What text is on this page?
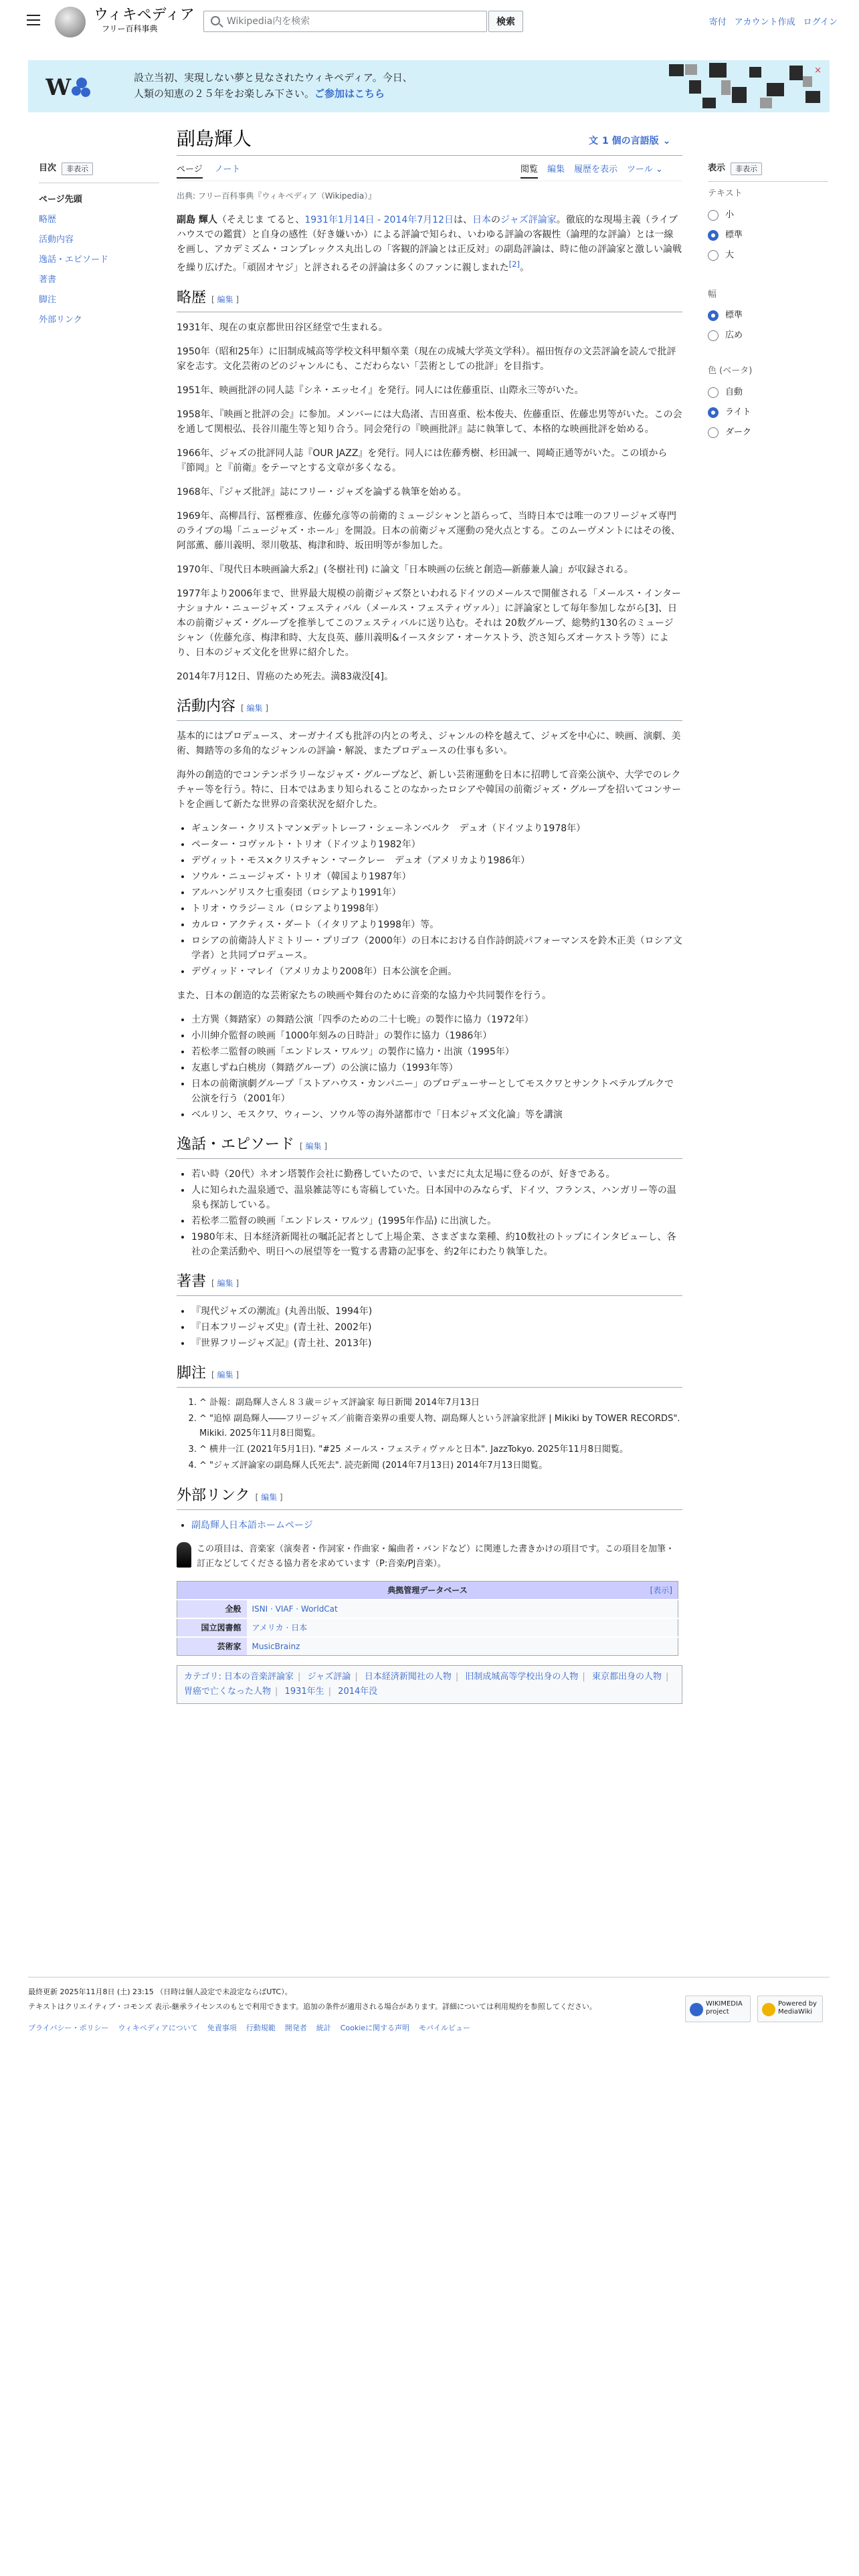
ウィキペディア
フリー百科事典
Wikipedia内を検索
検索	寄付 アカウント作成 ログイン
W	設立当初、実現しない夢と見なされたウィキペディア。今日、
人類の知恵の２５年をお楽しみ下さい。ご参加はこちら
×
副島輝人	文 1 個の言語版 ⌄
ページ ノート	閲覧 編集 履歴を表示 ツール ⌄
目次	非表示
ページ先頭
略歴
活動内容
逸話・エピソード
著書
脚注
外部リンク
表示	非表示
テキスト
小
標準
大
幅
標準
広め
色 (ベータ)
自動
ライト
ダーク
出典: フリー百科事典『ウィキペディア（Wikipedia）』

副島 輝人（そえじま てると、1931年1月14日 - 2014年7月12日は、日本のジャズ評論家。徹底的な現場主義（ライブハウスでの鑑賞）と自身の感性（好き嫌いか）による評論で知られ、いわゆる評論の客観性（論理的な評論）とは一線を画し、アカデミズム・コンプレックス丸出しの「客観的評論とは正反対」の副島評論は、時に他の評論家と激しい論戦を繰り広げた。「頑固オヤジ」と評されるその評論は多くのファンに親しまれた[2]。

略歴 [ 編集 ]

1931年、現在の東京都世田谷区経堂で生まれる。

1950年（昭和25年）に旧制成城高等学校文科甲類卒業（現在の成城大学英文学科）。福田恆存の文芸評論を読んで批評家を志す。文化芸術のどのジャンルにも、こだわらない「芸術としての批評」を目指す。

1951年、映画批評の同人誌『シネ・エッセイ』を発行。同人には佐藤重臣、山際永三等がいた。

1958年、『映画と批評の会』に参加。メンバーには大島渚、吉田喜重、松本俊夫、佐藤重臣、佐藤忠男等がいた。この会を通して関根弘、長谷川龍生等と知り合う。同会発行の『映画批評』誌に執筆して、本格的な映画批評を始める。

1966年、ジャズの批評同人誌『OUR JAZZ』を発行。同人には佐藤秀樹、杉田誠一、岡崎正通等がいた。この頃から『節岡』と『前衛』をテーマとする文章が多くなる。

1968年、『ジャズ批評』誌にフリー・ジャズを論ずる執筆を始める。

1969年、高柳昌行、冨樫雅彦、佐藤允彦等の前衛的ミュージシャンと語らって、当時日本では唯一のフリージャズ専門のライブの場「ニュージャズ・ホール」を開設。日本の前衛ジャズ運動の発火点とする。このムーヴメントにはその後、阿部薫、藤川義明、翠川敬基、梅津和時、坂田明等が参加した。

1970年、『現代日本映画論大系2』(冬樹社刊) に論文「日本映画の伝統と創造―新藤兼人論」が収録される。

1977年より2006年まで、世界最大規模の前衛ジャズ祭といわれるドイツのメールスで開催される「メールス・インターナショナル・ニュージャズ・フェスティバル（メールス・フェスティヴァル）」に評論家として毎年参加しながら[3]、日本の前衛ジャズ・グループを推挙してこのフェスティバルに送り込む。それは 20数グループ、総勢約130名のミュージシャン（佐藤允彦、梅津和時、大友良英、藤川義明&イースタシア・オーケストラ、渋さ知らズオーケストラ等）により、日本のジャズ文化を世界に紹介した。

2014年7月12日、胃癌のため死去。満83歳没[4]。

活動内容 [ 編集 ]

基本的にはプロデュース、オーガナイズも批評の内との考え、ジャンルの枠を越えて、ジャズを中心に、映画、演劇、美術、舞踏等の多角的なジャンルの評論・解説、またプロデュースの仕事も多い。

海外の創造的でコンテンポラリーなジャズ・グループなど、新しい芸術運動を日本に招聘して音楽公演や、大学でのレクチャー等を行う。特に、日本ではあまり知られることのなかったロシアや韓国の前衛ジャズ・グループを招いてコンサートを企画して新たな世界の音楽状況を紹介した。

• ギュンター・クリストマン×デットレーフ・シェーネンベルク　デュオ（ドイツより1978年）
• ペーター・コヴァルト・トリオ（ドイツより1982年）
• デヴィット・モス×クリスチャン・マークレー　デュオ（アメリカより1986年）
• ソウル・ニュージャズ・トリオ（韓国より1987年）
• アルハンゲリスク七重奏団（ロシアより1991年）
• トリオ・ウラジーミル（ロシアより1998年）
• カルロ・アクティス・ダート（イタリアより1998年）等。
• ロシアの前衛詩人ドミトリー・プリゴフ（2000年）の日本における自作詩朗読パフォーマンスを鈴木正美（ロシア文学者）と共同プロデュース。
• デヴィッド・マレイ（アメリカより2008年）日本公演を企画。

また、日本の創造的な芸術家たちの映画や舞台のために音楽的な協力や共同製作を行う。

• 土方巽（舞踏家）の舞踏公演「四季のための二十七晩」の製作に協力（1972年）
• 小川紳介監督の映画「1000年刻みの日時計」の製作に協力（1986年）
• 若松孝二監督の映画「エンドレス・ワルツ」の製作に協力・出演（1995年）
• 友惠しずね白桃房（舞踏グループ）の公演に協力（1993年等）
• 日本の前衛演劇グループ「ストアハウス・カンパニー」のプロデューサーとしてモスクワとサンクトペテルブルクで公演を行う（2001年）
• ベルリン、モスクワ、ウィーン、ソウル等の海外諸都市で「日本ジャズ文化論」等を講演
逸話・エピソード [ 編集 ]
• 若い時（20代）ネオン塔製作会社に勤務していたので、いまだに丸太足場に登るのが、好きである。
• 人に知られた温泉通で、温泉雑誌等にも寄稿していた。日本国中のみならず、ドイツ、フランス、ハンガリー等の温泉も探訪している。
• 若松孝二監督の映画「エンドレス・ワルツ」(1995年作品) に出演した。
• 1980年末、日本経済新聞社の嘱託記者として上場企業、さまざまな業種、約10数社のトップにインタビューし、各社の企業活動や、明日への展望等を一覧する書籍の記事を、約2年にわたり執筆した。
著書 [ 編集 ]
• 『現代ジャズの潮流』(丸善出版、1994年)
• 『日本フリージャズ史』(青土社、2002年)
• 『世界フリージャズ記』(青土社、2013年)
脚注 [ 編集 ]
1. ^ 訃報：副島輝人さん８３歳＝ジャズ評論家 毎日新聞 2014年7月13日
2. ^ "追悼 副島輝人――フリージャズ／前衛音楽界の重要人物、副島輝人という評論家批評 | Mikiki by TOWER RECORDS". Mikiki. 2025年11月8日閲覧。
3. ^ 横井一江 (2021年5月1日). "#25 メールス・フェスティヴァルと日本". JazzTokyo. 2025年11月8日閲覧。
4. ^ "ジャズ評論家の副島輝人氏死去". 読売新聞 (2014年7月13日) 2014年7月13日閲覧。
外部リンク [ 編集 ]
• 副島輝人日本語ホームページ
この項目は、音楽家（演奏者・作詞家・作曲家・編曲者・バンドなど）に関連した書きかけの項目です。この項目を加筆・訂正などしてくださる協力者を求めています（P:音楽/PJ音楽）。
典拠管理データベース [表示]	

全般	ISNI · VIAF · WorldCat
国立図書館	アメリカ · 日本
芸術家	MusicBrainz
カテゴリ: 日本の音楽評論家 | ジャズ評論 | 日本経済新聞社の人物 | 旧制成城高等学校出身の人物 | 東京都出身の人物 | 胃癌で亡くなった人物 | 1931年生 | 2014年没
最終更新 2025年11月8日 (土) 23:15 （日時は個人設定で未設定ならばUTC）。
テキストはクリエイティブ・コモンズ 表示-継承ライセンスのもとで利用できます。追加の条件が適用される場合があります。詳細については利用規約を参照してください。
プライバシー・ポリシー ウィキペディアについて 免責事項 行動規範 開発者 統計 Cookieに関する声明 モバイルビュー
WIKIMEDIA project
Powered by MediaWiki
